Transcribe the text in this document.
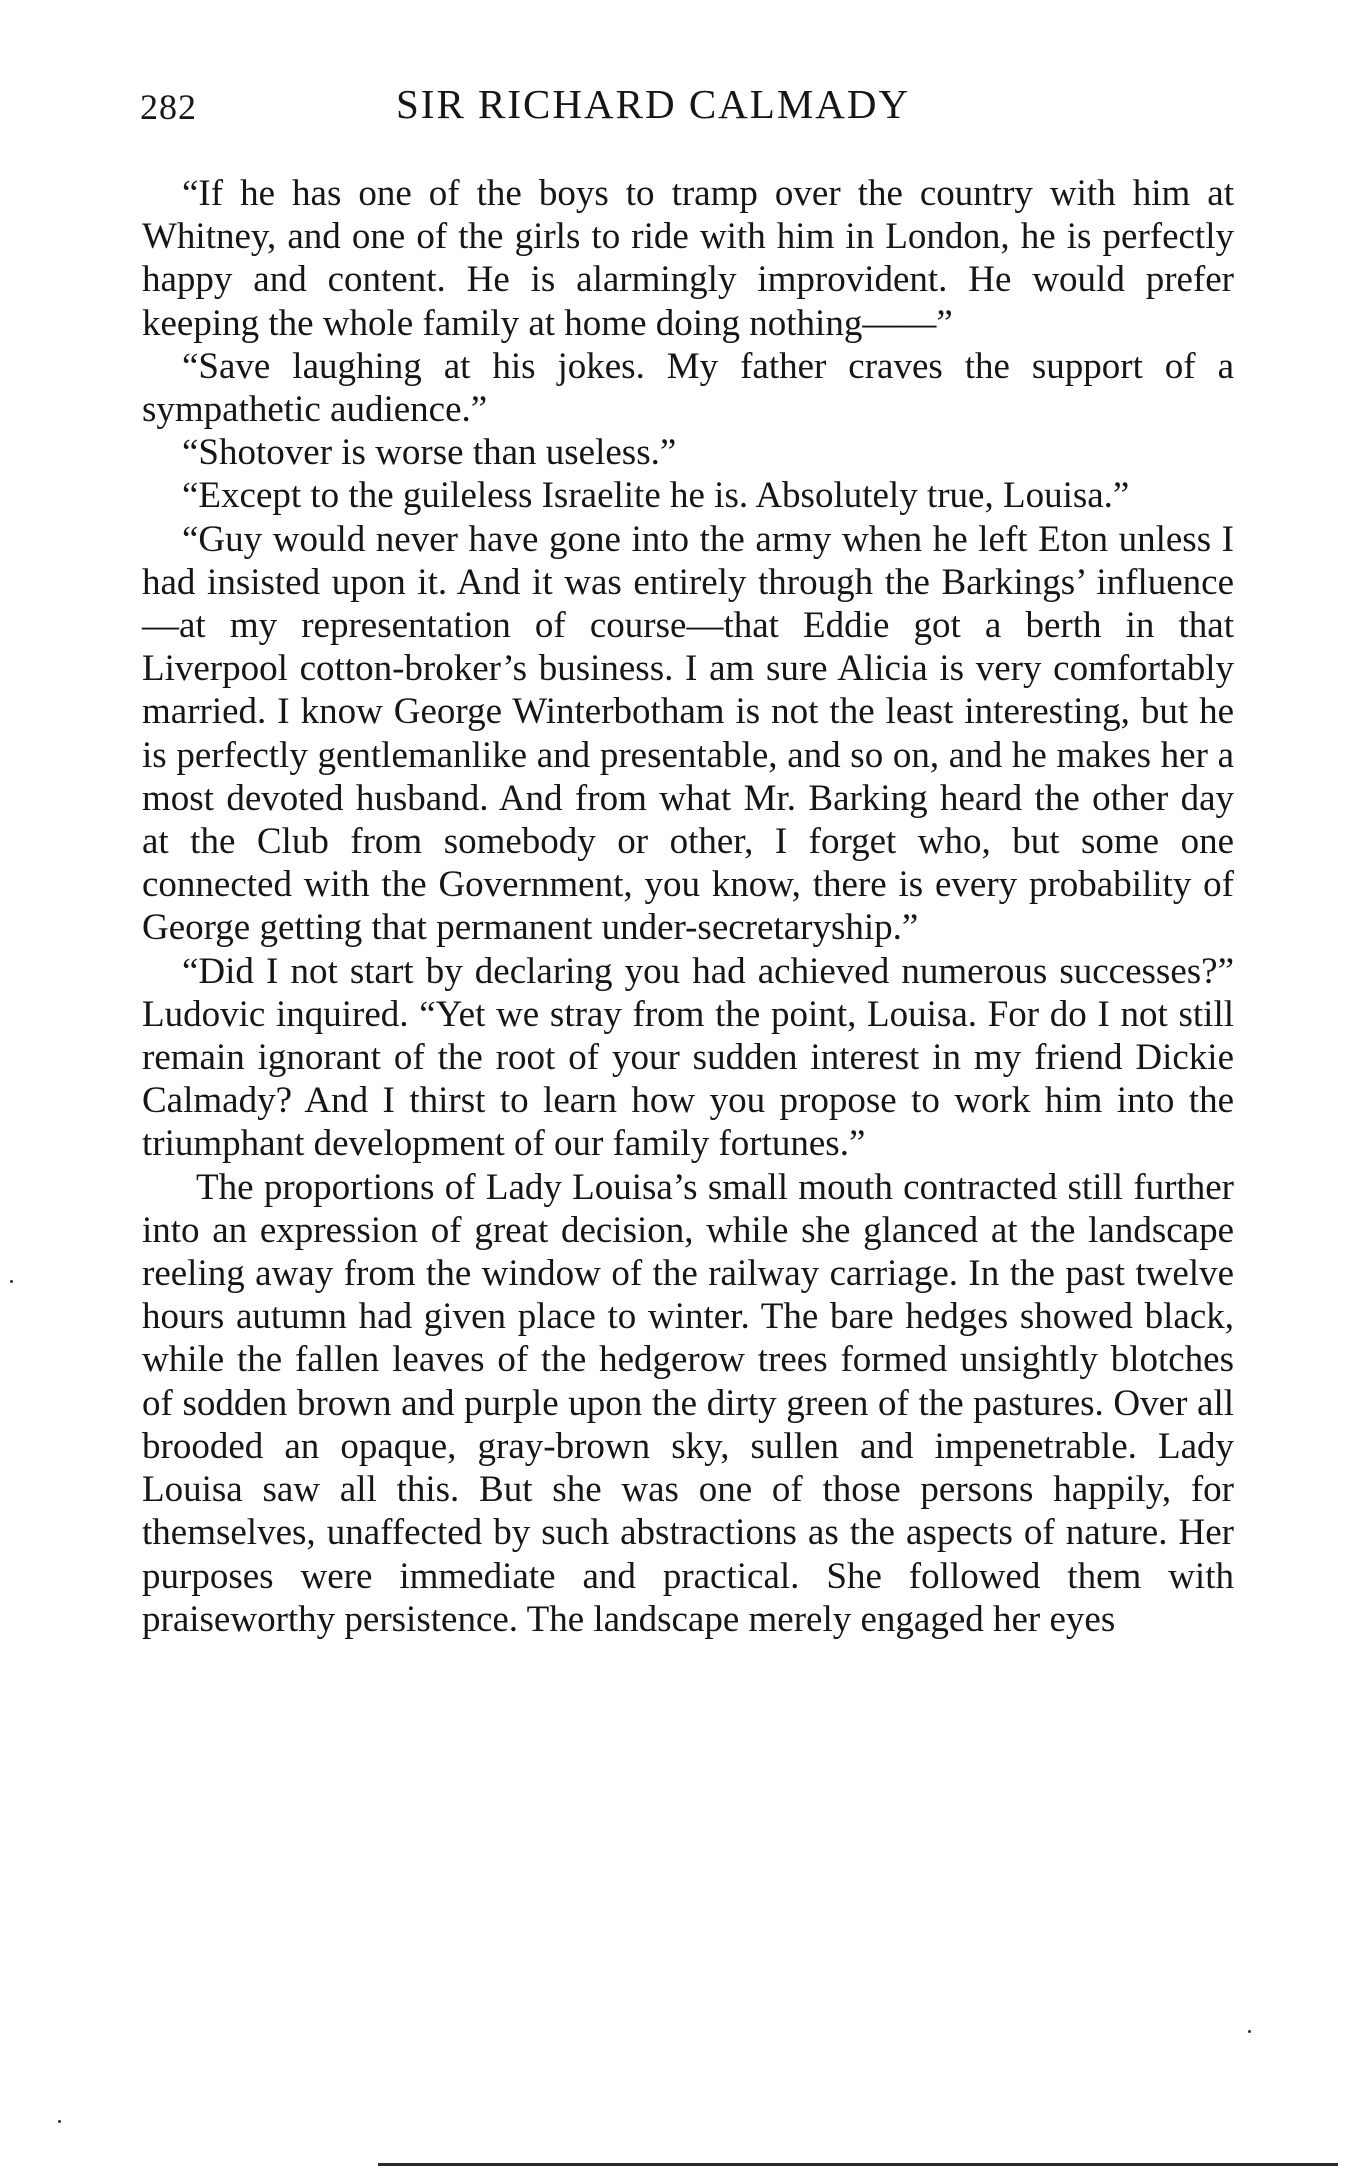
282	SIR RICHARD CALMADY

“If he has one of the boys to tramp over the country with him at Whitney, and one of the girls to ride with him in London, he is perfectly happy and content. He is alarmingly improvident. He would prefer keeping the whole family at home doing nothing——”

“Save laughing at his jokes. My father craves the support of a sympathetic audience.”

“Shotover is worse than useless.”

“Except to the guileless Israelite he is. Absolutely true, Louisa.”

“Guy would never have gone into the army when he left Eton unless I had insisted upon it. And it was entirely through the Barkings’ influence—at my representation of course—that Eddie got a berth in that Liverpool cotton-broker’s business. I am sure Alicia is very comfortably married. I know George Winterbotham is not the least interesting, but he is perfectly gentlemanlike and presentable, and so on, and he makes her a most devoted husband. And from what Mr. Barking heard the other day at the Club from somebody or other, I forget who, but some one connected with the Government, you know, there is every probability of George getting that permanent under-secretaryship.”

“Did I not start by declaring you had achieved numerous successes?” Ludovic inquired. “Yet we stray from the point, Louisa. For do I not still remain ignorant of the root of your sudden interest in my friend Dickie Calmady? And I thirst to learn how you propose to work him into the triumphant development of our family fortunes.”

The proportions of Lady Louisa’s small mouth contracted still further into an expression of great decision, while she glanced at the landscape reeling away from the window of the railway carriage. In the past twelve hours autumn had given place to winter. The bare hedges showed black, while the fallen leaves of the hedgerow trees formed unsightly blotches of sodden brown and purple upon the dirty green of the pastures. Over all brooded an opaque, gray-brown sky, sullen and impenetrable. Lady Louisa saw all this. But she was one of those persons happily, for themselves, unaffected by such abstractions as the aspects of nature. Her purposes were immediate and practical. She followed them with praiseworthy persistence. The landscape merely engaged her eyes
